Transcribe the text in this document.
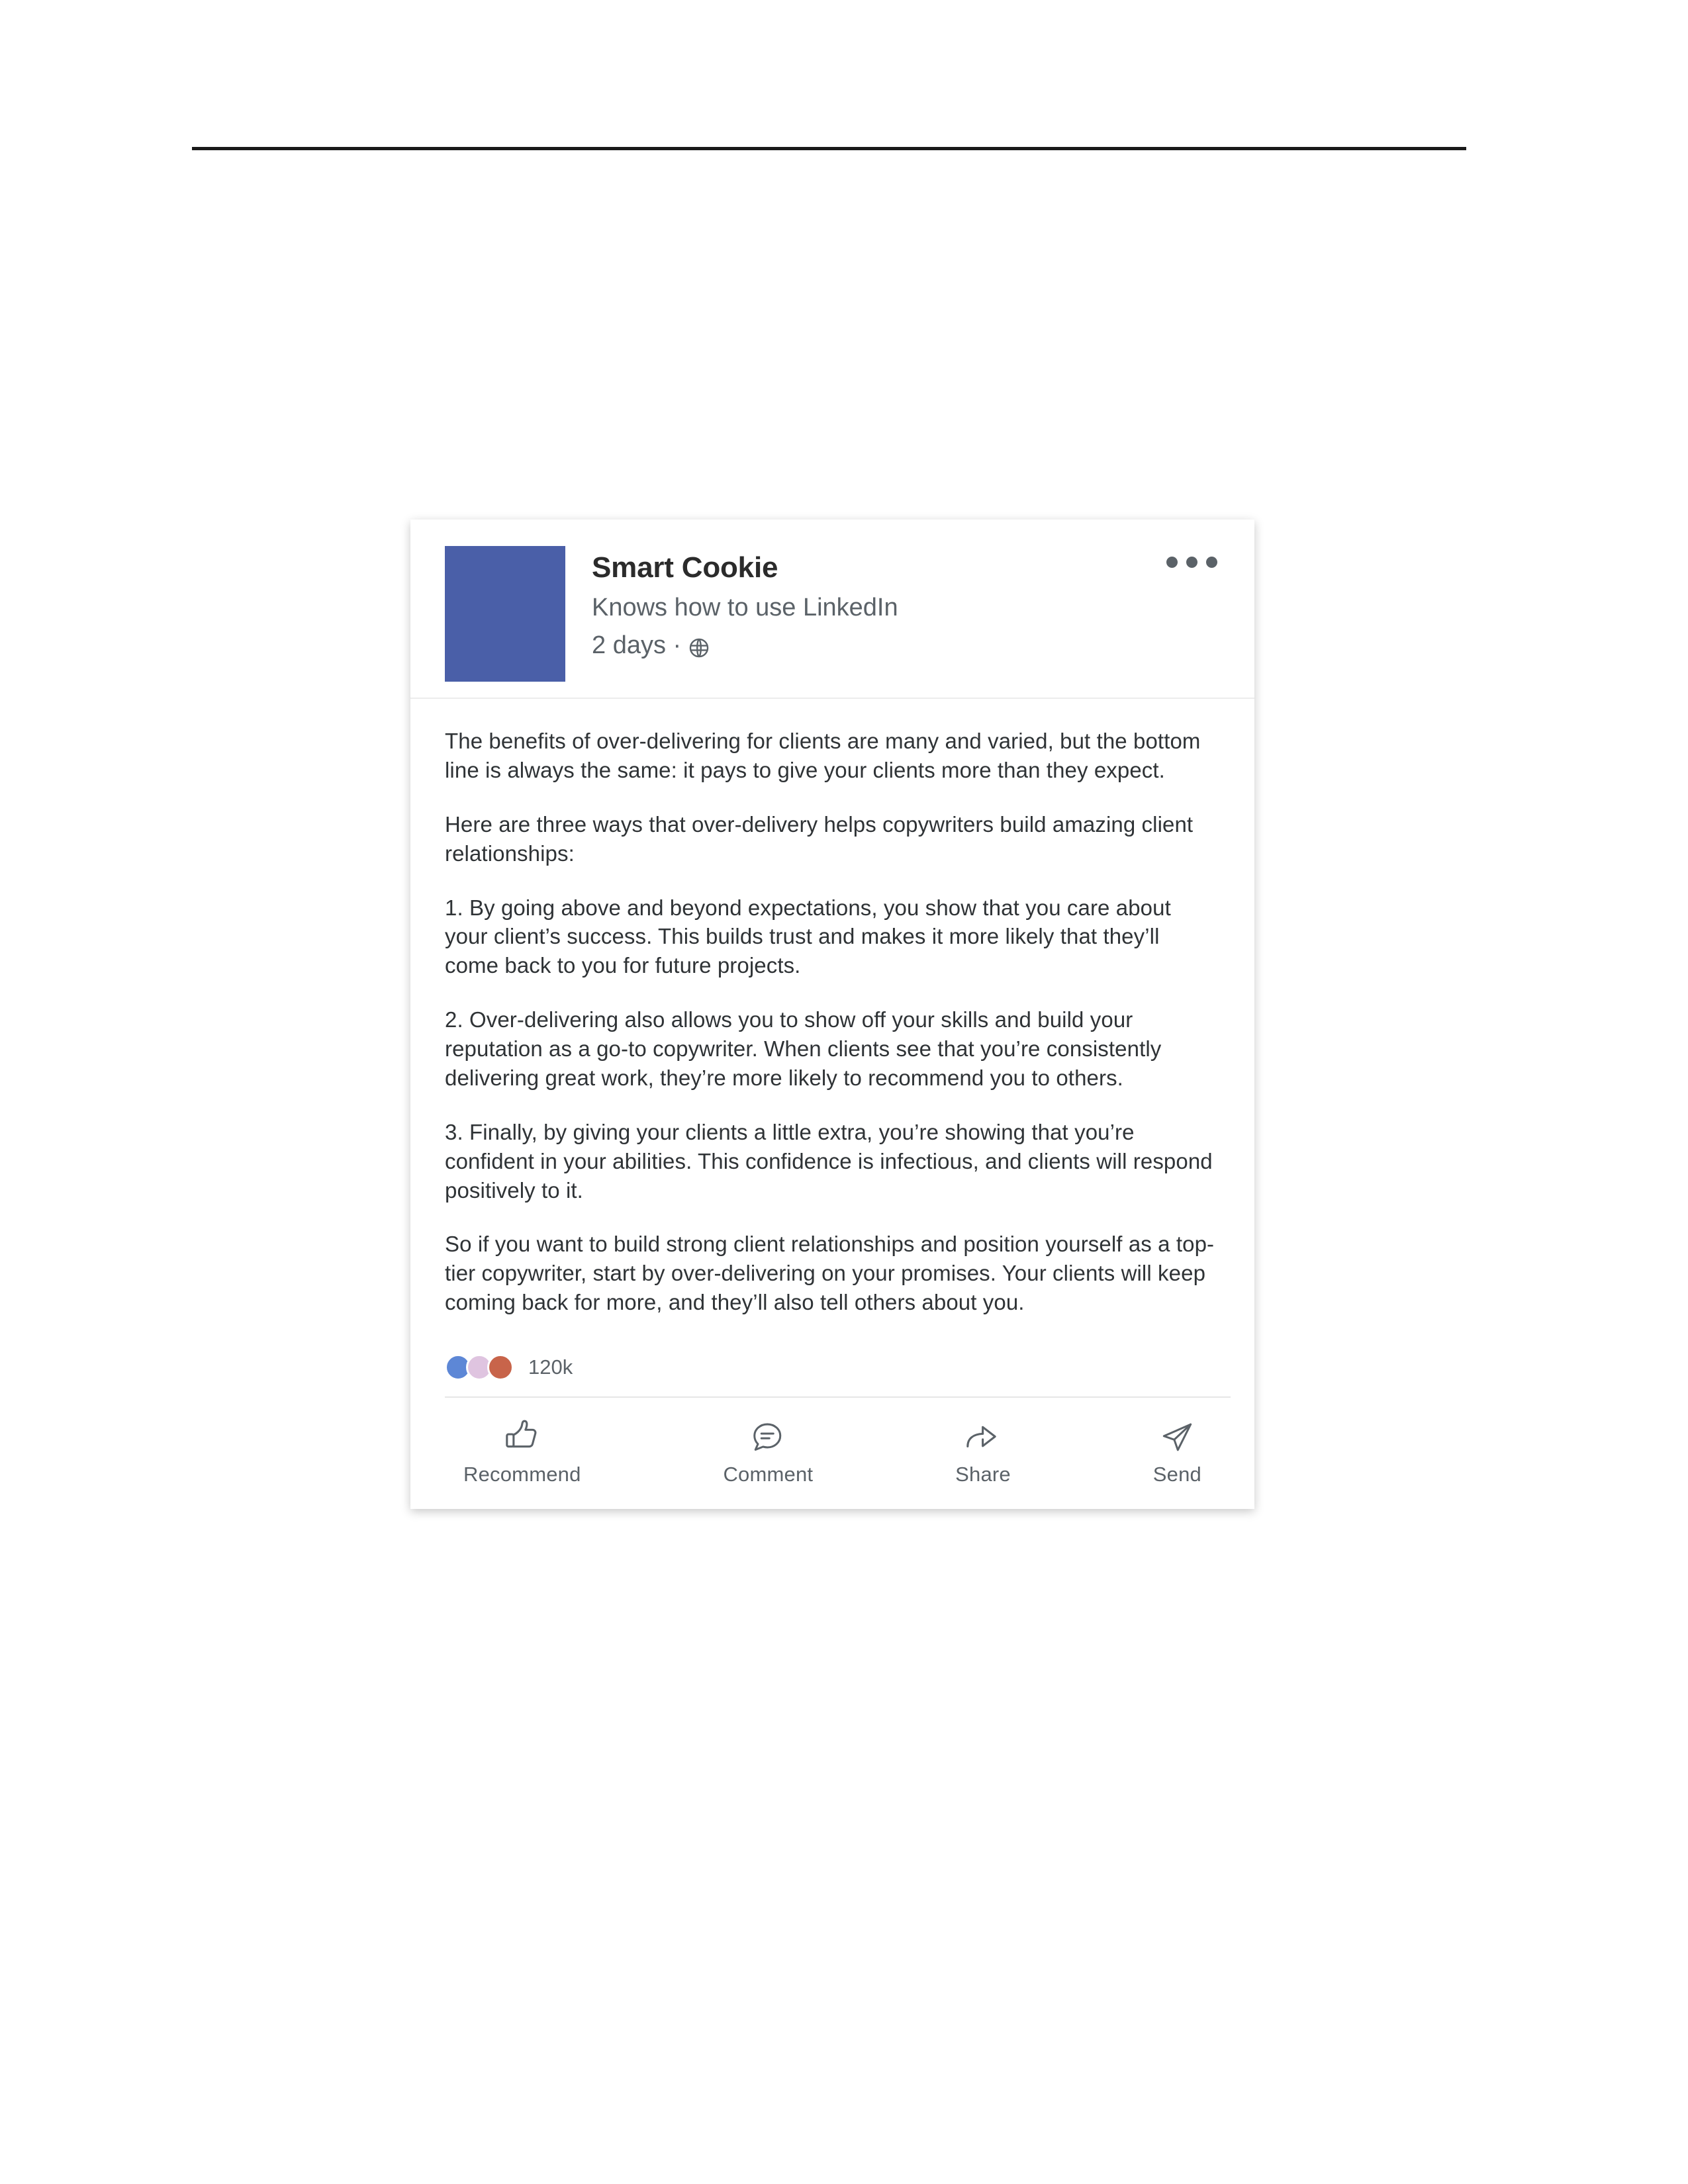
Smart Cookie
Knows how to use LinkedIn
2 days ·

The benefits of over-delivering for clients are many and varied, but the bottom line is always the same: it pays to give your clients more than they expect.

Here are three ways that over-delivery helps copywriters build amazing client relationships:

1. By going above and beyond expectations, you show that you care about your client’s success. This builds trust and makes it more likely that they’ll come back to you for future projects.

2. Over-delivering also allows you to show off your skills and build your reputation as a go-to copywriter. When clients see that you’re consistently delivering great work, they’re more likely to recommend you to others.

3. Finally, by giving your clients a little extra, you’re showing that you’re confident in your abilities. This confidence is infectious, and clients will respond positively to it.

So if you want to build strong client relationships and position yourself as a top-tier copywriter, start by over-delivering on your promises. Your clients will keep coming back for more, and they’ll also tell others about you.

120k
Recommend	Comment	Share	Send
